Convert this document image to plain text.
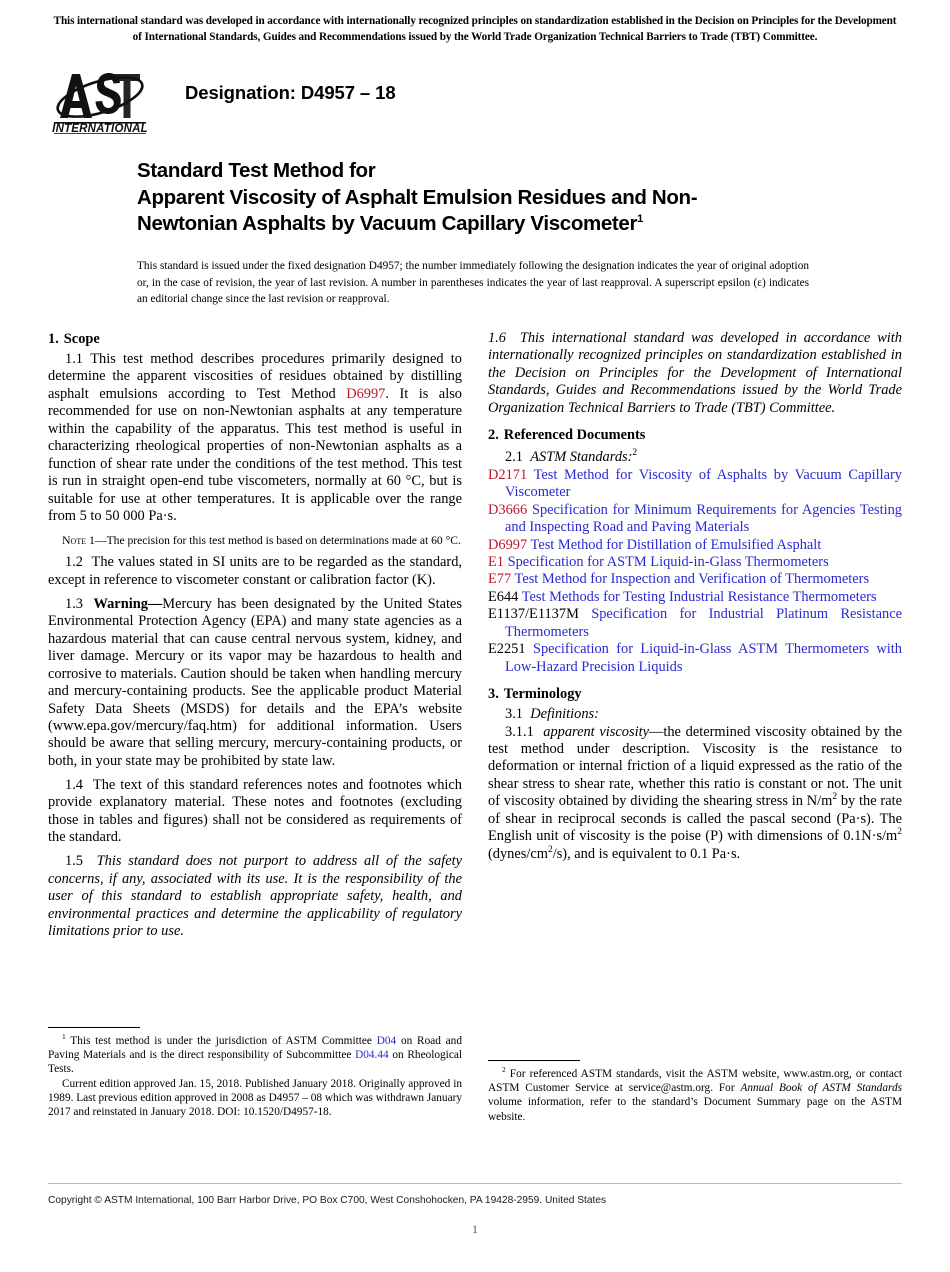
This international standard was developed in accordance with internationally recognized principles on standardization established in the Decision on Principles for the Development of International Standards, Guides and Recommendations issued by the World Trade Organization Technical Barriers to Trade (TBT) Committee.
INTERNATIONAL
Designation: D4957 – 18
Standard Test Method for
Apparent Viscosity of Asphalt Emulsion Residues and Non-
Newtonian Asphalts by Vacuum Capillary Viscometer$^1$
This standard is issued under the fixed designation D4957; the number immediately following the designation indicates the year of original adoption or, in the case of revision, the year of last revision. A number in parentheses indicates the year of last reapproval. A superscript epsilon (ε) indicates an editorial change since the last revision or reapproval.
1. Scope

1.1 This test method describes procedures primarily designed to determine the apparent viscosities of residues obtained by distilling asphalt emulsions according to Test Method D6997. It is also recommended for use on non-Newtonian asphalts at any temperature within the capability of the apparatus. This test method is useful in characterizing rheological properties of non-Newtonian asphalts as a function of shear rate under the conditions of the test method. This test is run in straight open-end tube viscometers, normally at 60 °C, but is suitable for use at other temperatures. It is applicable over the range from 5 to 50 000 Pa·s.

Note 1—The precision for this test method is based on determinations made at 60 °C.

1.2 The values stated in SI units are to be regarded as the standard, except in reference to viscometer constant or calibration factor (K).

1.3 Warning—Mercury has been designated by the United States Environmental Protection Agency (EPA) and many state agencies as a hazardous material that can cause central nervous system, kidney, and liver damage. Mercury or its vapor may be hazardous to health and corrosive to materials. Caution should be taken when handling mercury and mercury-containing products. See the applicable product Material Safety Data Sheets (MSDS) for details and the EPA’s website (www.epa.gov/mercury/faq.htm) for additional information. Users should be aware that selling mercury, mercury-containing products, or both, in your state may be prohibited by state law.

1.4 The text of this standard references notes and footnotes which provide explanatory material. These notes and footnotes (excluding those in tables and figures) shall not be considered as requirements of the standard.

1.5 This standard does not purport to address all of the safety concerns, if any, associated with its use. It is the responsibility of the user of this standard to establish appropriate safety, health, and environmental practices and determine the applicability of regulatory limitations prior to use.

1.6 This international standard was developed in accordance with internationally recognized principles on standardization established in the Decision on Principles for the Development of International Standards, Guides and Recommendations issued by the World Trade Organization Technical Barriers to Trade (TBT) Committee.

2. Referenced Documents

2.1 ASTM Standards:$^2$

D2171 Test Method for Viscosity of Asphalts by Vacuum Capillary Viscometer

D3666 Specification for Minimum Requirements for Agencies Testing and Inspecting Road and Paving Materials

D6997 Test Method for Distillation of Emulsified Asphalt

E1 Specification for ASTM Liquid-in-Glass Thermometers

E77 Test Method for Inspection and Verification of Thermometers

E644 Test Methods for Testing Industrial Resistance Thermometers

E1137/E1137M Specification for Industrial Platinum Resistance Thermometers

E2251 Specification for Liquid-in-Glass ASTM Thermometers with Low-Hazard Precision Liquids

3. Terminology

3.1 Definitions:

3.1.1 apparent viscosity—the determined viscosity obtained by the test method under description. Viscosity is the resistance to deformation or internal friction of a liquid expressed as the ratio of the shear stress to shear rate, whether this ratio is constant or not. The unit of viscosity obtained by dividing the shearing stress in $N/m^2$ by the rate of shear in reciprocal seconds is called the pascal second (Pa·s). The English unit of viscosity is the poise (P) with dimensions of $0.1N\cdot s/m^2$ $(dynes/cm^2/s)$, and is equivalent to 0.1 Pa·s.

$^1$ This test method is under the jurisdiction of ASTM Committee D04 on Road and Paving Materials and is the direct responsibility of Subcommittee D04.44 on Rheological Tests.

Current edition approved Jan. 15, 2018. Published January 2018. Originally approved in 1989. Last previous edition approved in 2008 as D4957 – 08 which was withdrawn January 2017 and reinstated in January 2018. DOI: 10.1520/D4957-18.

$^2$ For referenced ASTM standards, visit the ASTM website, www.astm.org, or contact ASTM Customer Service at service@astm.org. For Annual Book of ASTM Standards volume information, refer to the standard’s Document Summary page on the ASTM website.

Copyright © ASTM International, 100 Barr Harbor Drive, PO Box C700, West Conshohocken, PA 19428-2959. United States
1
